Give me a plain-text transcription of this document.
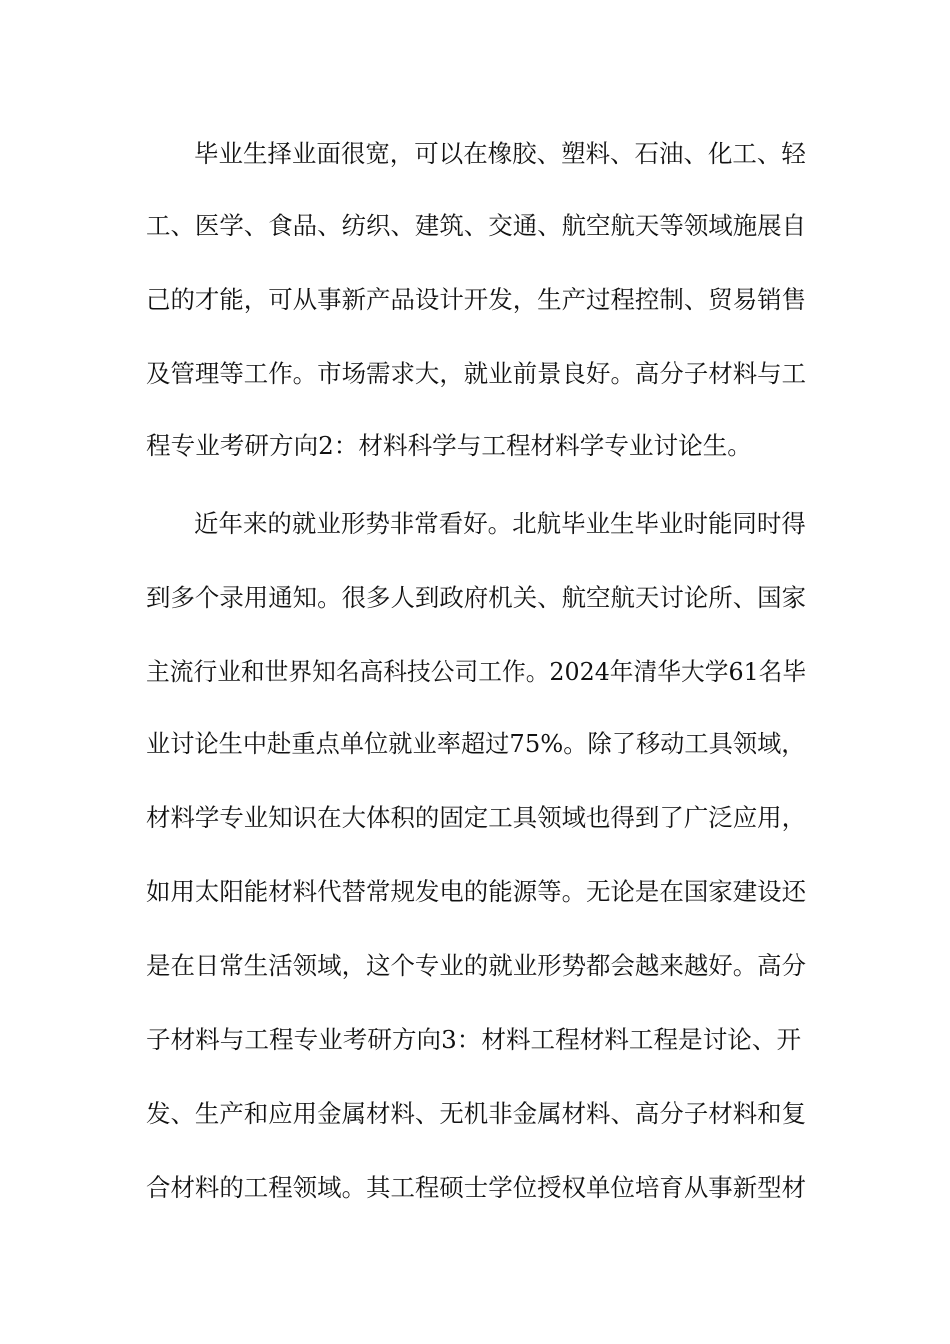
毕业生择业面很宽，可以在橡胶、塑料、石油、化工、轻
工、医学、食品、纺织、建筑、交通、航空航天等领域施展自
己的才能，可从事新产品设计开发，生产过程控制、贸易销售
及管理等工作。市场需求大，就业前景良好。高分子材料与工
程专业考研方向2：材料科学与工程材料学专业讨论生。
近年来的就业形势非常看好。北航毕业生毕业时能同时得
到多个录用通知。很多人到政府机关、航空航天讨论所、国家
主流行业和世界知名高科技公司工作。2024年清华大学61名毕
业讨论生中赴重点单位就业率超过75%。除了移动工具领域，
材料学专业知识在大体积的固定工具领域也得到了广泛应用，
如用太阳能材料代替常规发电的能源等。无论是在国家建设还
是在日常生活领域，这个专业的就业形势都会越来越好。高分
子材料与工程专业考研方向3：材料工程材料工程是讨论、开
发、生产和应用金属材料、无机非金属材料、高分子材料和复
合材料的工程领域。其工程硕士学位授权单位培育从事新型材
